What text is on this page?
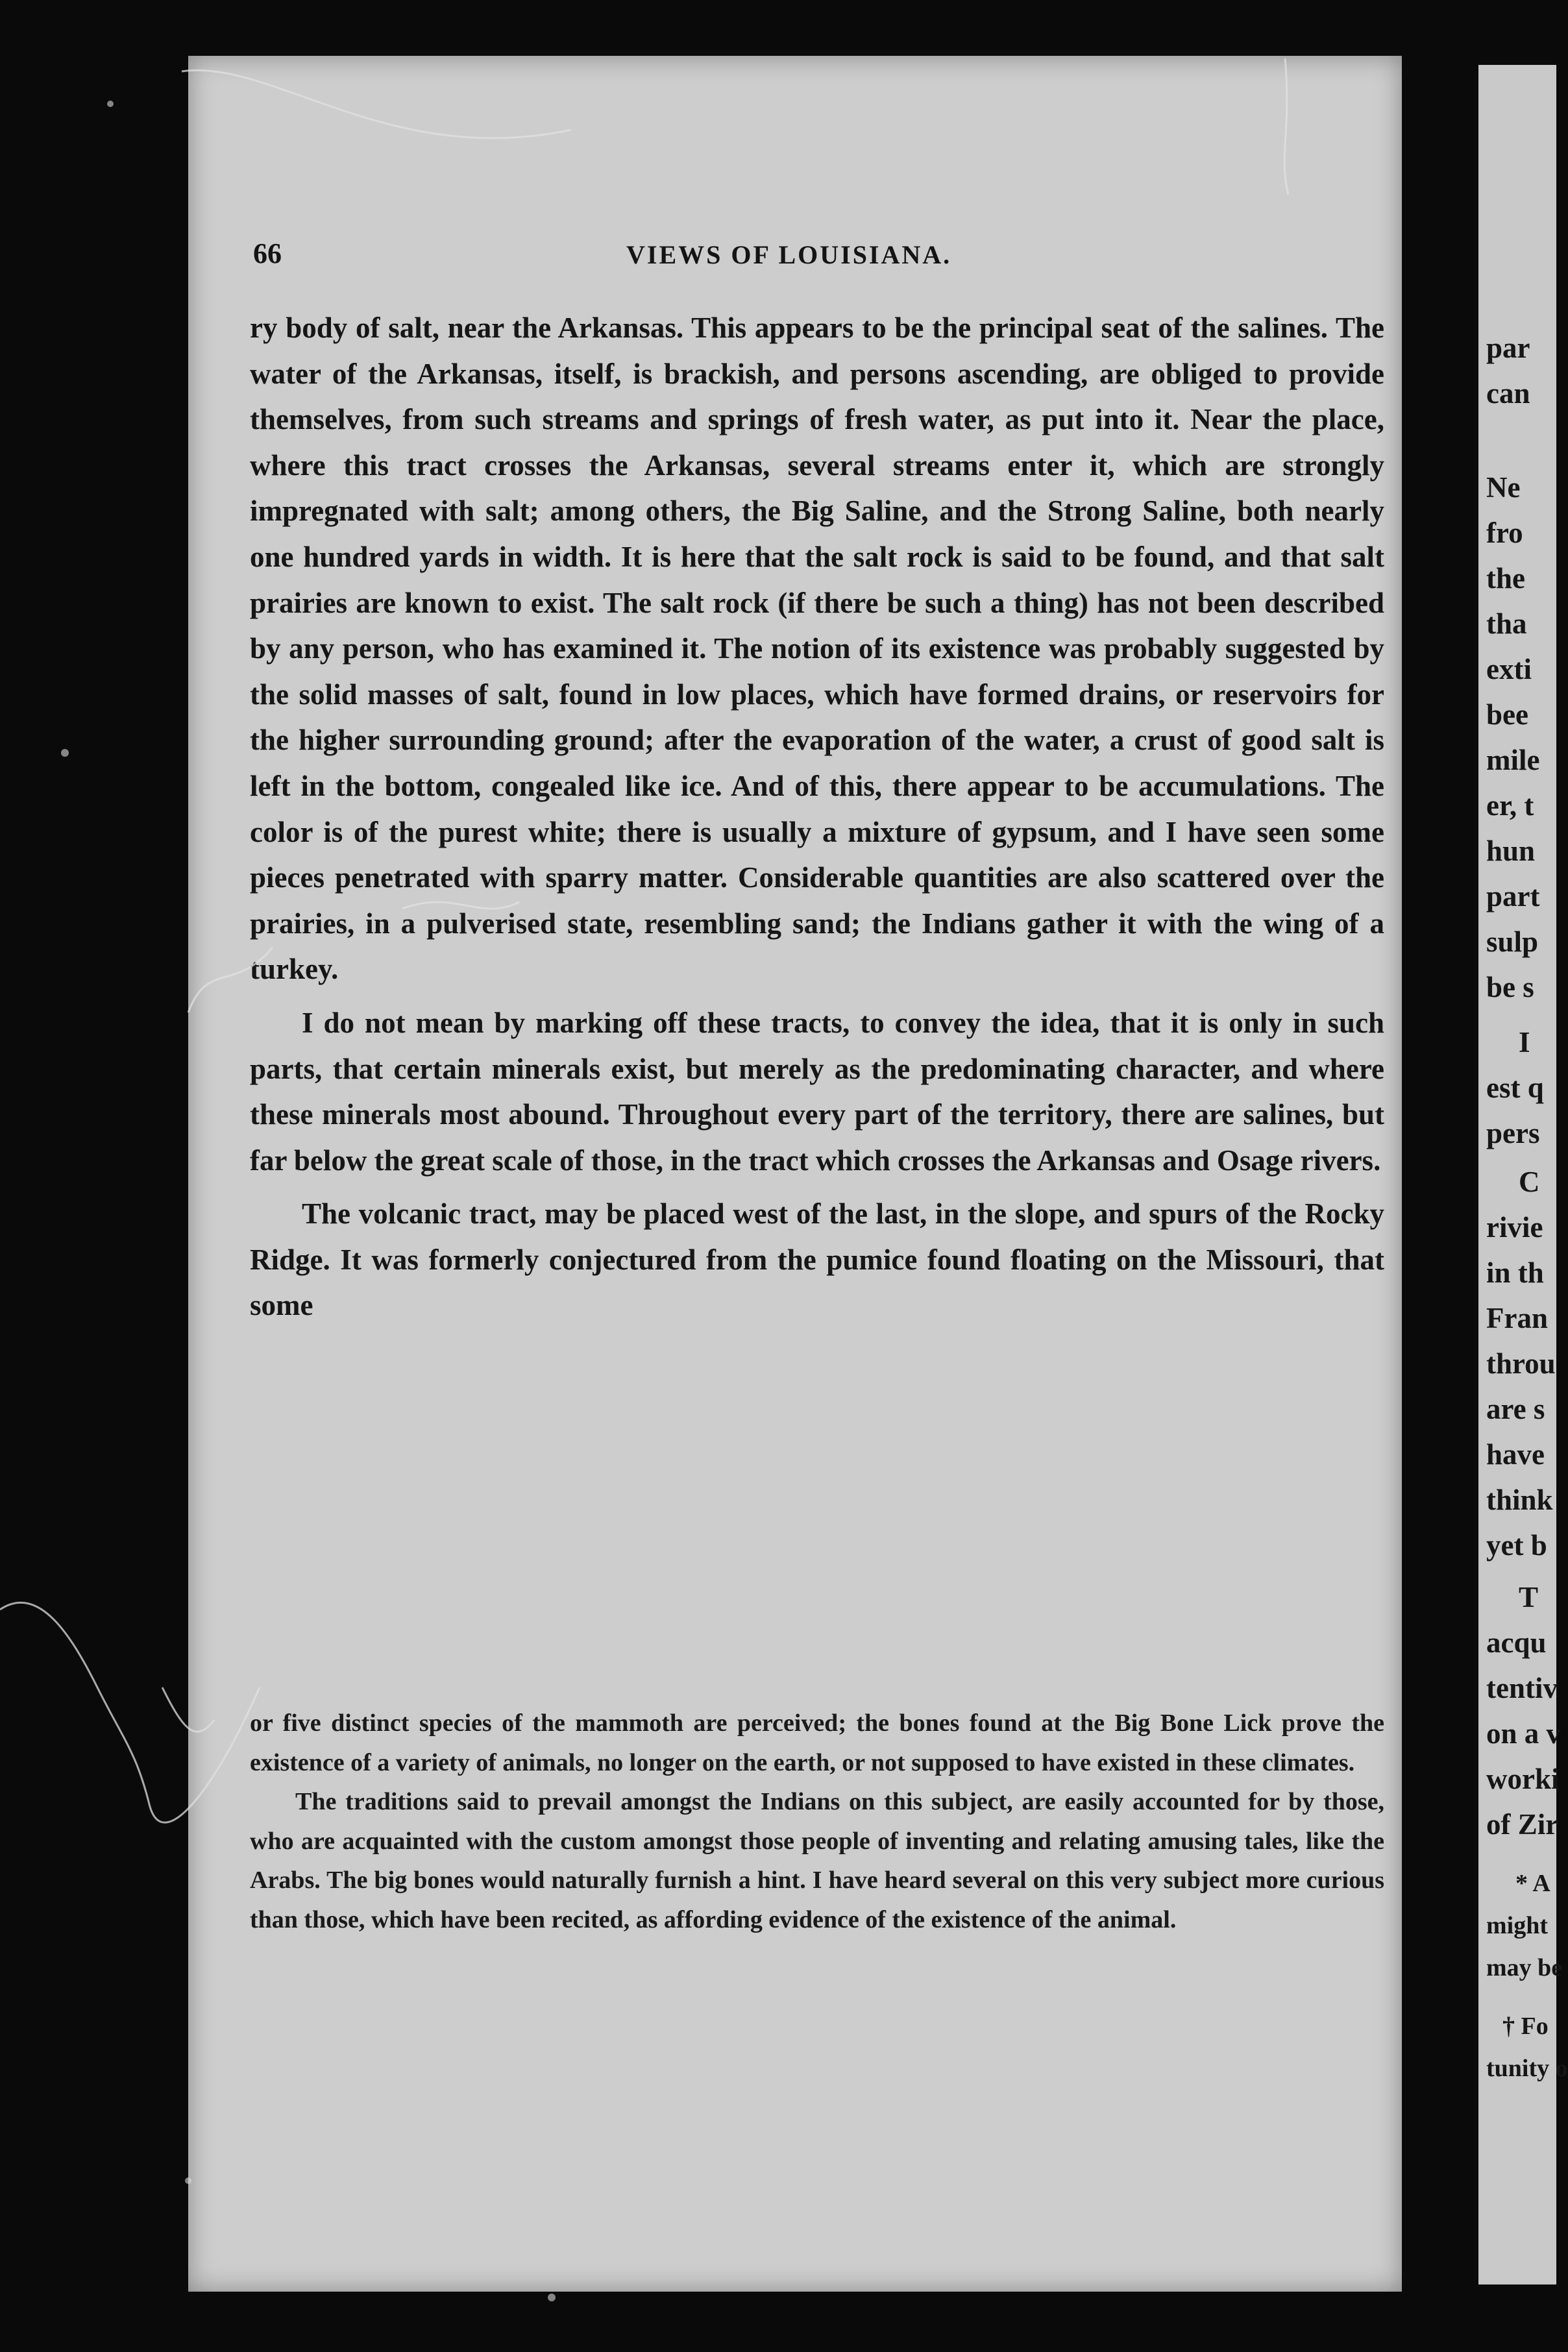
66	VIEWS OF LOUISIANA.

ry body of salt, near the Arkansas. This appears to be the principal seat of the salines. The water of the Arkansas, itself, is brackish, and persons ascending, are obliged to provide themselves, from such streams and springs of fresh water, as put into it. Near the place, where this tract crosses the Arkansas, several streams enter it, which are strongly impregnated with salt; among others, the Big Saline, and the Strong Saline, both nearly one hundred yards in width. It is here that the salt rock is said to be found, and that salt prairies are known to exist. The salt rock (if there be such a thing) has not been described by any person, who has examined it. The notion of its existence was probably suggested by the solid masses of salt, found in low places, which have formed drains, or reservoirs for the higher surrounding ground; after the evaporation of the water, a crust of good salt is left in the bottom, congealed like ice. And of this, there appear to be accumulations. The color is of the purest white; there is usually a mixture of gypsum, and I have seen some pieces penetrated with sparry matter. Considerable quantities are also scattered over the prairies, in a pulverised state, resembling sand; the Indians gather it with the wing of a turkey.

I do not mean by marking off these tracts, to convey the idea, that it is only in such parts, that certain minerals exist, but merely as the predominating character, and where these minerals most abound. Throughout every part of the territory, there are salines, but far below the great scale of those, in the tract which crosses the Arkansas and Osage rivers.

The volcanic tract, may be placed west of the last, in the slope, and spurs of the Rocky Ridge. It was formerly conjectured from the pumice found floating on the Missouri, that some

or five distinct species of the mammoth are perceived; the bones found at the Big Bone Lick prove the existence of a variety of animals, no longer on the earth, or not supposed to have existed in these climates.

The traditions said to prevail amongst the Indians on this subject, are easily accounted for by those, who are acquainted with the custom amongst those people of inventing and relating amusing tales, like the Arabs. The big bones would naturally furnish a hint. I have heard several on this very subject more curious than those, which have been recited, as affording evidence of the existence of the animal.

par
can
Ne
fro
the
tha
exti
bee
mile
er, t
hun
part
sulp
be s
I
est q
pers
C
rivie
in th
Fran
throu
are s
have
think
yet b
T
acqu
tentiv
on a v
worki
of Zir
* A
might
may be
† Fo
tunity o
